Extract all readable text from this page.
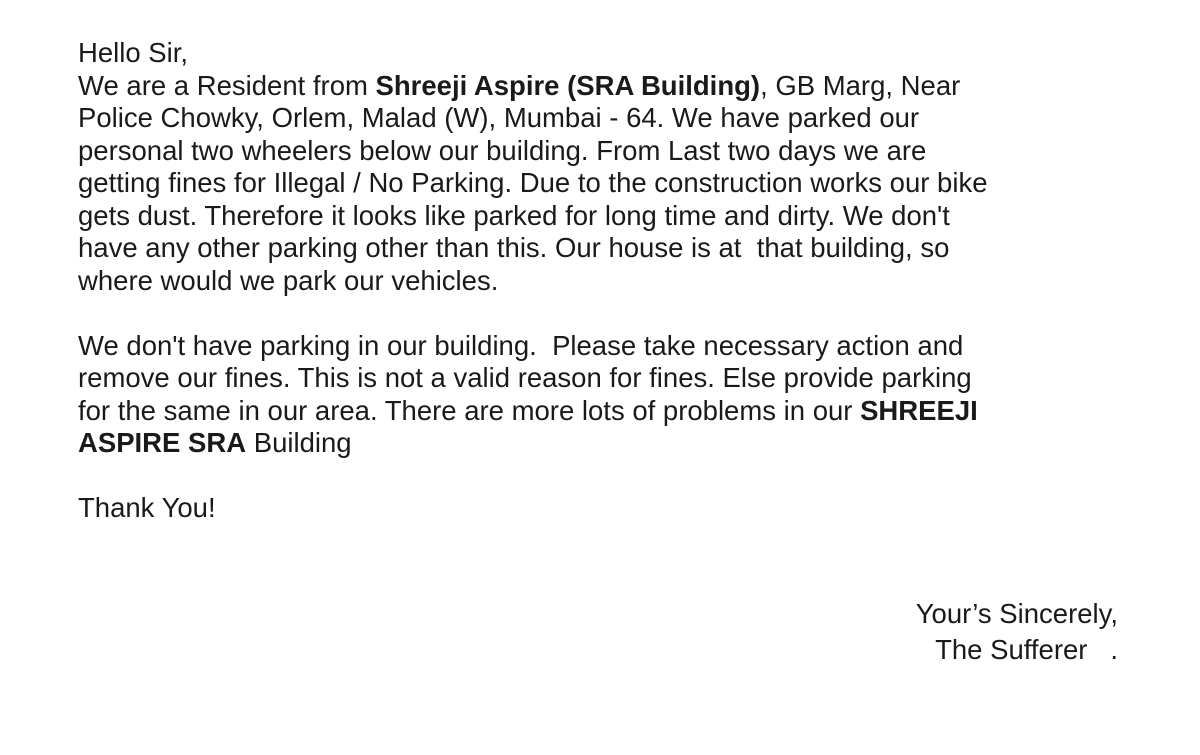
Hello Sir,
We are a Resident from Shreeji Aspire (SRA Building), GB Marg, Near
Police Chowky, Orlem, Malad (W), Mumbai - 64. We have parked our
personal two wheelers below our building. From Last two days we are
getting fines for Illegal / No Parking. Due to the construction works our bike
gets dust. Therefore it looks like parked for long time and dirty. We don't
have any other parking other than this. Our house is at  that building, so
where would we park our vehicles.
We don't have parking in our building.  Please take necessary action and
remove our fines. This is not a valid reason for fines. Else provide parking
for the same in our area. There are more lots of problems in our SHREEJI
ASPIRE SRA Building
Thank You!
Your’s Sincerely,
The Sufferer   .
